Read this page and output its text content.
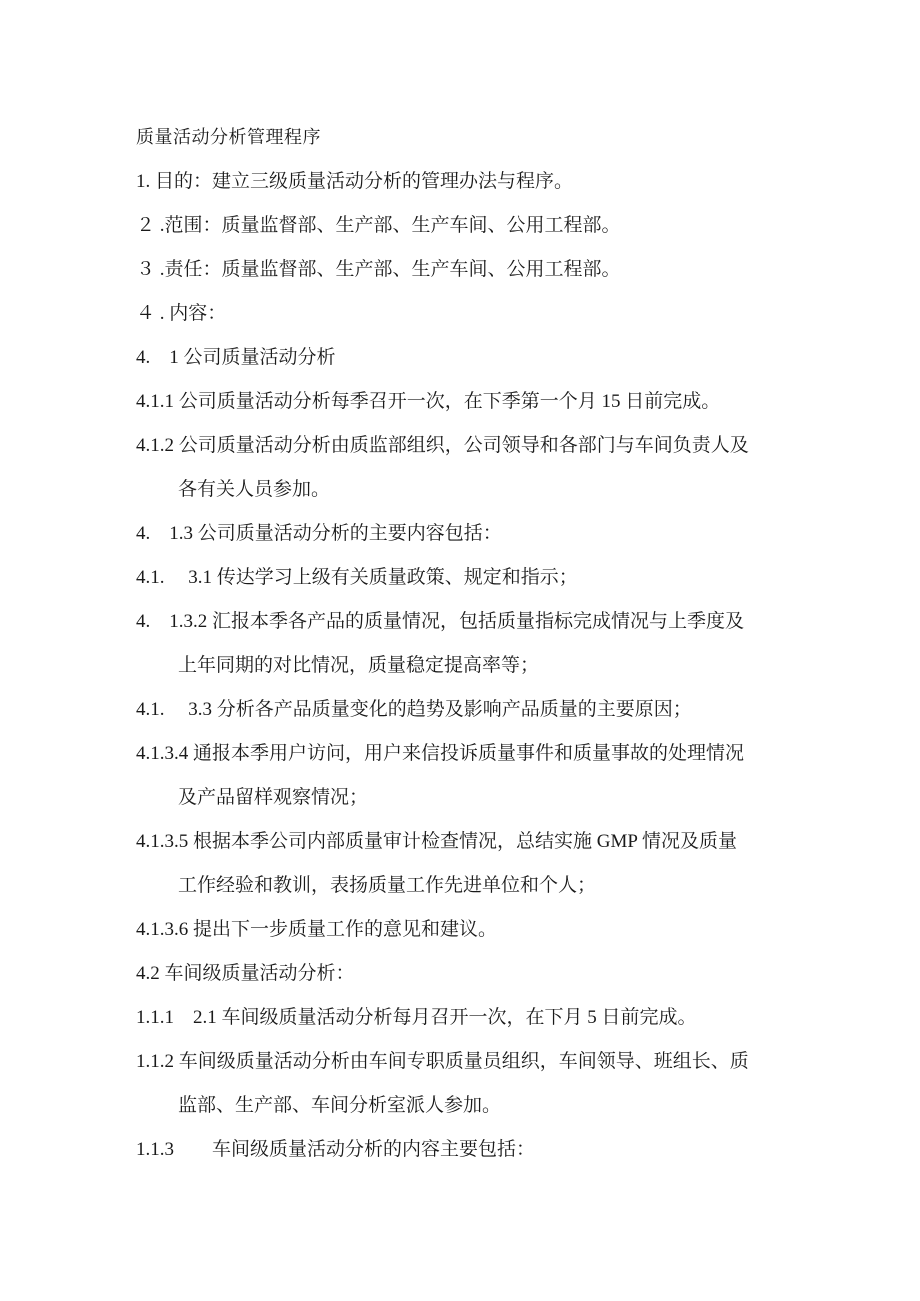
质量活动分析管理程序
1. 目的：建立三级质量活动分析的管理办法与程序。
２ .范围：质量监督部、生产部、生产车间、公用工程部。
３ .责任：质量监督部、生产部、生产车间、公用工程部。
４ . 内容：
4.　1 公司质量活动分析
4.1.1 公司质量活动分析每季召开一次，在下季第一个月 15 日前完成。
4.1.2 公司质量活动分析由质监部组织，公司领导和各部门与车间负责人及
各有关人员参加。
4.　1.3 公司质量活动分析的主要内容包括：
4.1.　 3.1 传达学习上级有关质量政策、规定和指示；
4.　1.3.2 汇报本季各产品的质量情况，包括质量指标完成情况与上季度及
上年同期的对比情况，质量稳定提高率等；
4.1.　 3.3 分析各产品质量变化的趋势及影响产品质量的主要原因；
4.1.3.4 通报本季用户访问，用户来信投诉质量事件和质量事故的处理情况
及产品留样观察情况；
4.1.3.5 根据本季公司内部质量审计检查情况，总结实施 GMP 情况及质量
工作经验和教训，表扬质量工作先进单位和个人；
4.1.3.6 提出下一步质量工作的意见和建议。
4.2 车间级质量活动分析：
1.1.1　2.1 车间级质量活动分析每月召开一次，在下月 5 日前完成。
1.1.2 车间级质量活动分析由车间专职质量员组织，车间领导、班组长、质
监部、生产部、车间分析室派人参加。
1.1.3　　车间级质量活动分析的内容主要包括：
